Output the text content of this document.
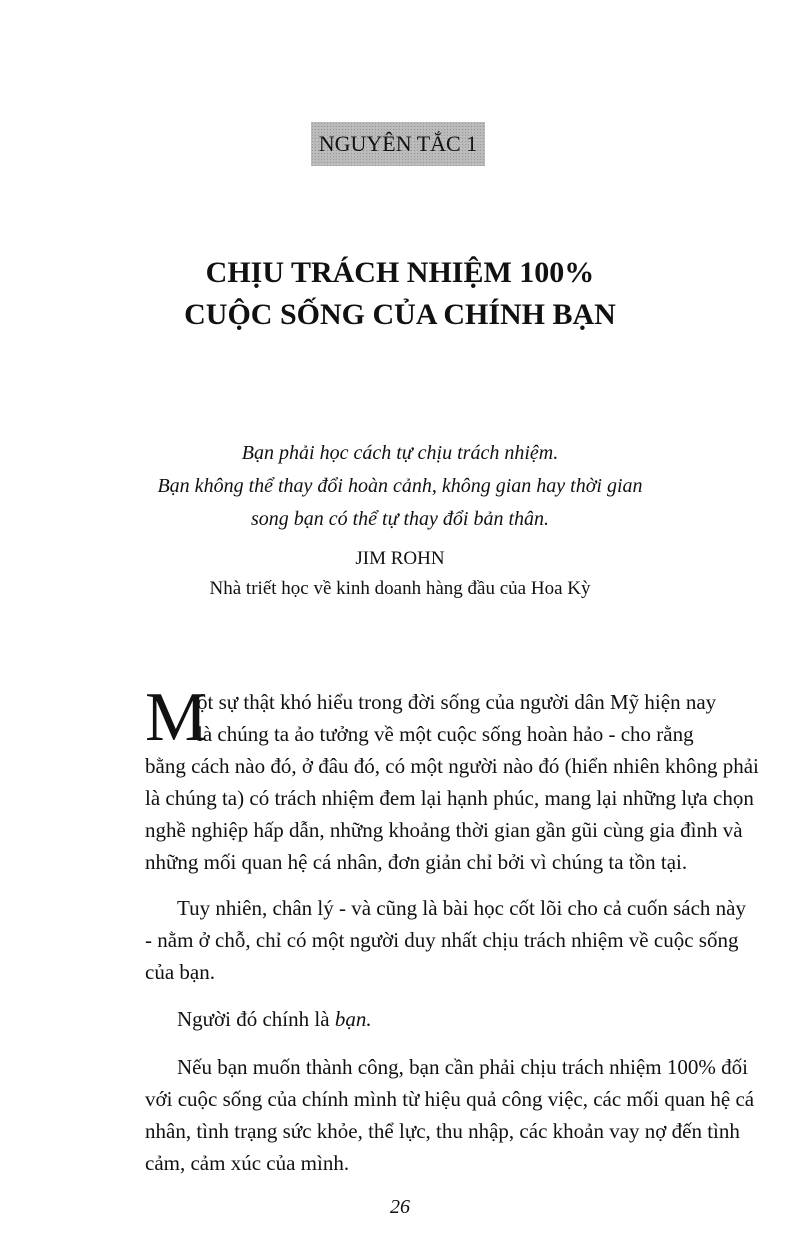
NGUYÊN TẮC 1
CHỊU TRÁCH NHIỆM 100%
CUỘC SỐNG CỦA CHÍNH BẠN
Bạn phải học cách tự chịu trách nhiệm.
Bạn không thể thay đổi hoàn cảnh, không gian hay thời gian
song bạn có thể tự thay đổi bản thân.
JIM ROHN
Nhà triết học về kinh doanh hàng đầu của Hoa Kỳ
M
ột sự thật khó hiểu trong đời sống của người dân Mỹ hiện nay
là chúng ta ảo tưởng về một cuộc sống hoàn hảo - cho rằng
bằng cách nào đó, ở đâu đó, có một người nào đó (hiển nhiên không phải
là chúng ta) có trách nhiệm đem lại hạnh phúc, mang lại những lựa chọn
nghề nghiệp hấp dẫn, những khoảng thời gian gần gũi cùng gia đình và
những mối quan hệ cá nhân, đơn giản chỉ bởi vì chúng ta tồn tại.
Tuy nhiên, chân lý - và cũng là bài học cốt lõi cho cả cuốn sách này
- nằm ở chỗ, chỉ có một người duy nhất chịu trách nhiệm về cuộc sống
của bạn.
Người đó chính là bạn.
Nếu bạn muốn thành công, bạn cần phải chịu trách nhiệm 100% đối
với cuộc sống của chính mình từ hiệu quả công việc, các mối quan hệ cá
nhân, tình trạng sức khỏe, thể lực, thu nhập, các khoản vay nợ đến tình
cảm, cảm xúc của mình.
26
